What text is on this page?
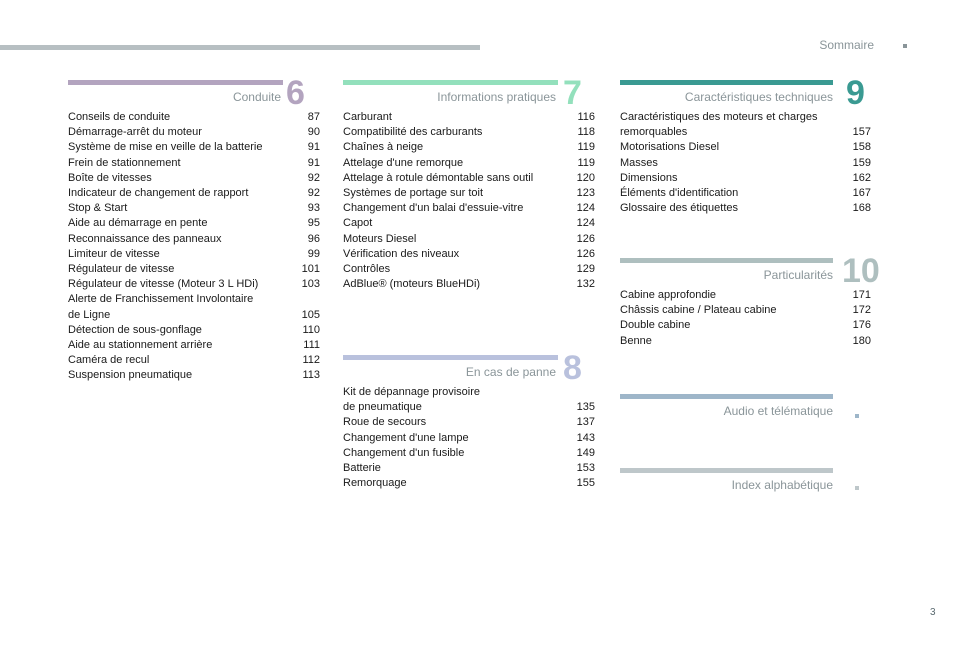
Sommaire
Conduite 6
Conseils de conduite	87
Démarrage-arrêt du moteur	90
Système de mise en veille de la batterie	91
Frein de stationnement	91
Boîte de vitesses	92
Indicateur de changement de rapport	92
Stop & Start	93
Aide au démarrage en pente	95
Reconnaissance des panneaux	96
Limiteur de vitesse	99
Régulateur de vitesse	101
Régulateur de vitesse (Moteur 3 L HDi)	103
Alerte de Franchissement Involontaire
de Ligne	105
Détection de sous-gonflage	110
Aide au stationnement arrière	111
Caméra de recul	112
Suspension pneumatique	113
Informations pratiques 7
Carburant	116
Compatibilité des carburants	118
Chaînes à neige	119
Attelage d'une remorque	119
Attelage à rotule démontable sans outil	120
Systèmes de portage sur toit	123
Changement d'un balai d'essuie-vitre	124
Capot	124
Moteurs Diesel	126
Vérification des niveaux	126
Contrôles	129
AdBlue® (moteurs BlueHDi)	132
En cas de panne 8
Kit de dépannage provisoire
de pneumatique	135
Roue de secours	137
Changement d'une lampe	143
Changement d'un fusible	149
Batterie	153
Remorquage	155
Caractéristiques techniques 9
Caractéristiques des moteurs et charges
remorquables	157
Motorisations Diesel	158
Masses	159
Dimensions	162
Éléments d'identification	167
Glossaire des étiquettes	168
Particularités 10
Cabine approfondie	171
Châssis cabine / Plateau cabine	172
Double cabine	176
Benne	180
Audio et télématique
Index alphabétique
3
